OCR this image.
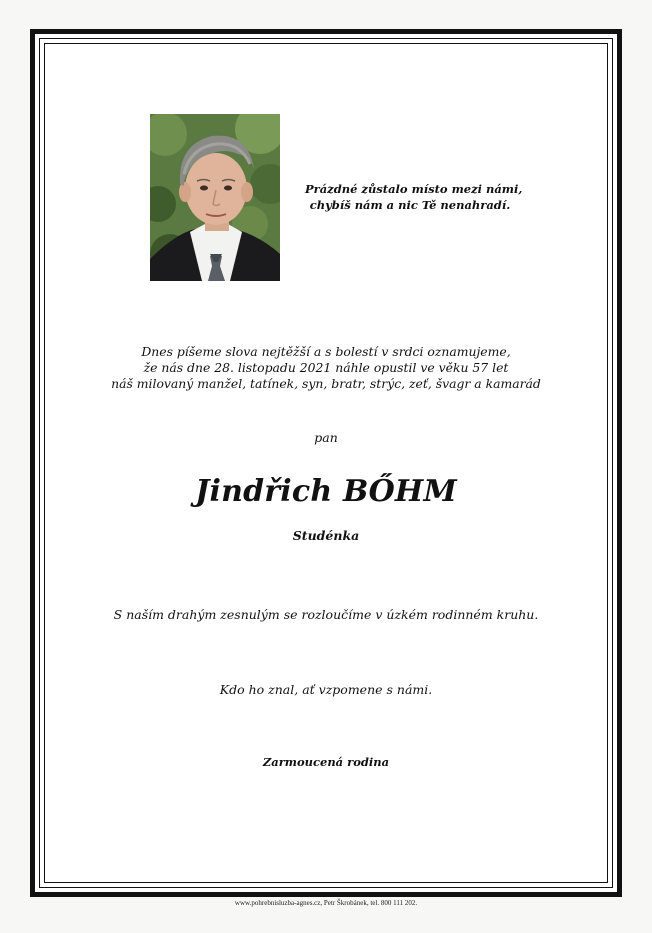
Prázdné zůstalo místo mezi námi,
chybíš nám a nic Tě nenahradí.
Dnes píšeme slova nejtěžší a s bolestí v srdci oznamujeme,
že nás dne 28. listopadu 2021 náhle opustil ve věku 57 let
náš milovaný manžel, tatínek, syn, bratr, strýc, zeť, švagr a kamarád
pan
Jindřich BŐHM
Studénka
S naším drahým zesnulým se rozloučíme v úzkém rodinném kruhu.
Kdo ho znal, ať vzpomene s námi.
Zarmoucená rodina
www.pohrebnisluzba-agnes.cz, Petr Škrobánek, tel. 800 111 202.
